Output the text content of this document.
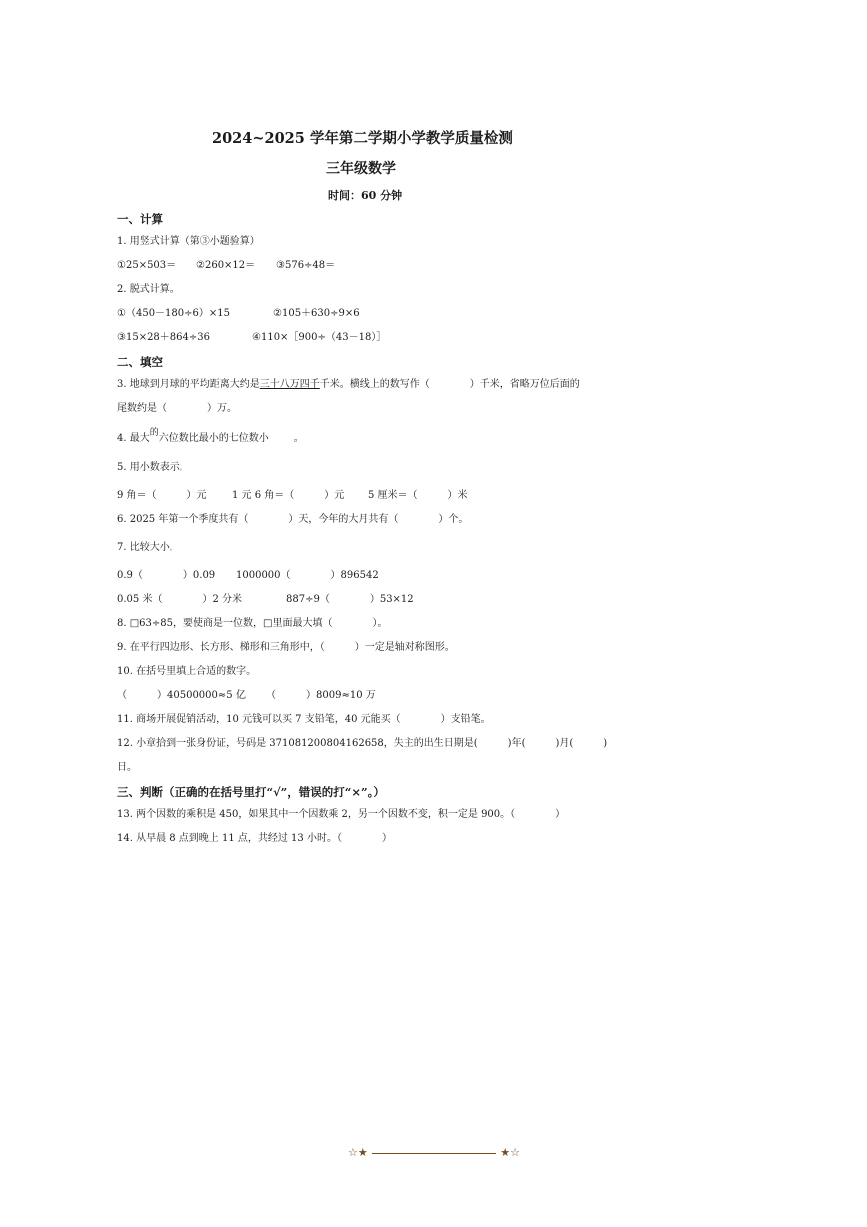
2024~2025 学年第二学期小学教学质量检测
三年级数学
时间：60 分钟
一、计算
1. 用竖式计算（第③小题验算）
①25×503＝ ②260×12＝ ③576÷48＝
2. 脱式计算。
①（450－180÷6）×15	②105＋630÷9×6
③15×28＋864÷36	④110×［900÷（43－18）］
二、填空
3. 地球到月球的平均距离大约是三十八万四千千米。横线上的数写作（　　　　）千米，省略万位后面的
尾数约是（　　　　）万。
4. 最大的六位数比最小的七位数小 ____ 。
5. 用小数表示。
9 角＝（　　　）元	1 元 6 角＝（　　　）元 5 厘米＝（　　　）米
6. 2025 年第一个季度共有（　　　　）天，今年的大月共有（　　　　）个。
7. 比较大小。
0.9（　　　　）0.09 1000000（　　　　）896542
0.05 米（　　　　）2 分米	887÷9（　　　　）53×12
8. □63÷85，要使商是一位数，□里面最大填（　　　　）。
9. 在平行四边形、长方形、梯形和三角形中，（　　　）一定是轴对称图形。
10. 在括号里填上合适的数字。
（　　　）40500000≈5 亿 （　　　）8009≈10 万
11. 商场开展促销活动，10 元钱可以买 7 支铅笔，40 元能买（　　　　）支铅笔。
12. 小章拾到一张身份证，号码是 371081200804162658，失主的出生日期是(　　　)年(　　　)月(　　　)
日。
三、判断（正确的在括号里打“√”，错误的打“×”。）
13. 两个因数的乘积是 450，如果其中一个因数乘 2，另一个因数不变，积一定是 900。（　　　　）
14. 从早晨 8 点到晚上 11 点，共经过 13 小时。（　　　　）
☆★	★☆
